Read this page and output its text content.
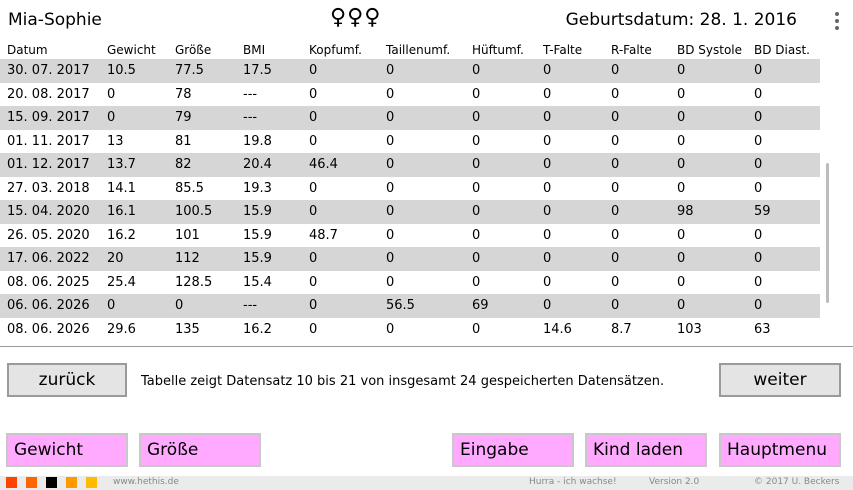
Mia-Sophie	♀♀♀	Geburtsdatum: 28. 1. 2016
Datum	Gewicht	Größe	BMI	Kopfumf.	Taillenumf.	Hüftumf.	T-Falte	R-Falte	BD Systole	BD Diast.
30. 07. 2017	10.5	77.5	17.5	0	0	0	0	0	0	0
20. 08. 2017	0	78	---	0	0	0	0	0	0	0
15. 09. 2017	0	79	---	0	0	0	0	0	0	0
01. 11. 2017	13	81	19.8	0	0	0	0	0	0	0
01. 12. 2017	13.7	82	20.4	46.4	0	0	0	0	0	0
27. 03. 2018	14.1	85.5	19.3	0	0	0	0	0	0	0
15. 04. 2020	16.1	100.5	15.9	0	0	0	0	0	98	59
26. 05. 2020	16.2	101	15.9	48.7	0	0	0	0	0	0
17. 06. 2022	20	112	15.9	0	0	0	0	0	0	0
08. 06. 2025	25.4	128.5	15.4	0	0	0	0	0	0	0
06. 06. 2026	0	0	---	0	56.5	69	0	0	0	0
08. 06. 2026	29.6	135	16.2	0	0	0	14.6	8.7	103	63
zurück	Tabelle zeigt Datensatz 10 bis 21 von insgesamt 24 gespeicherten Datensätzen.	weiter
Gewicht	Größe	Eingabe	Kind laden	Hauptmenu
www.hethis.de	Hurra - ich wachse!	Version 2.0	© 2017 U. Beckers
